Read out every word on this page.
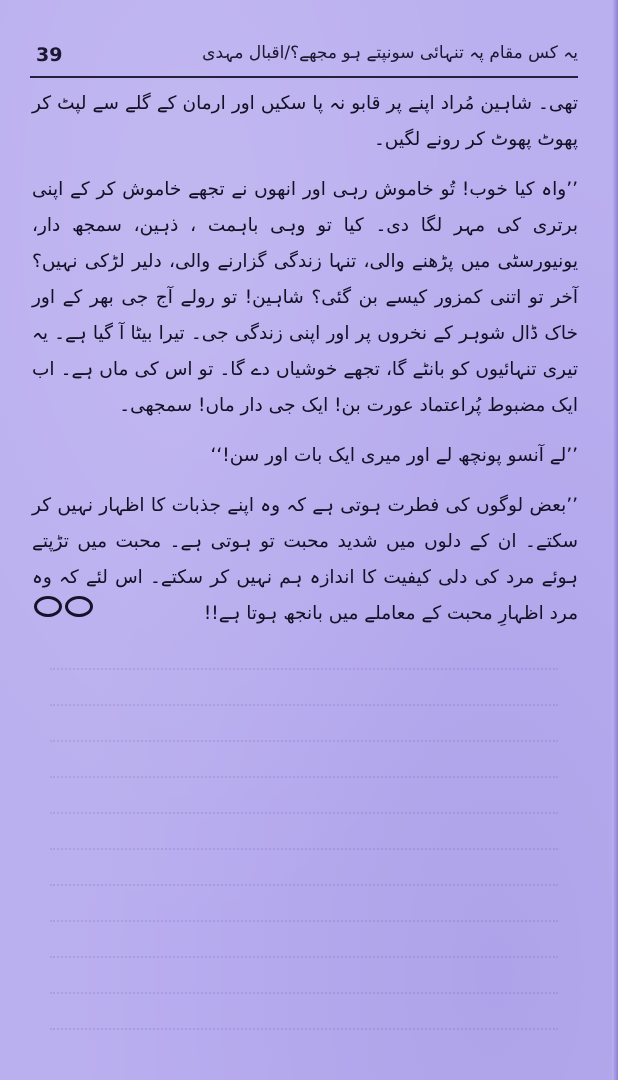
39	یہ کس مقام پہ تنہائی سونپتے ہو مجھے؟/اقبال مہدی

تھی۔ شاہین مُراد اپنے پر قابو نہ پا سکیں اور ارمان کے گلے سے لپٹ کر پھوٹ پھوٹ کر رونے لگیں۔

’’واہ کیا خوب! تُو خاموش رہی اور انھوں نے تجھے خاموش کر کے اپنی برتری کی مہر لگا دی۔ کیا تو وہی باہمت ، ذہین، سمجھ دار، یونیورسٹی میں پڑھنے والی، تنہا زندگی گزارنے والی، دلیر لڑکی نہیں؟ آخر تو اتنی کمزور کیسے بن گئی؟ شاہین! تو رولے آج جی بھر کے اور خاک ڈال شوہر کے نخروں پر اور اپنی زندگی جی۔ تیرا بیٹا آ گیا ہے۔ یہ تیری تنہائیوں کو بانٹے گا، تجھے خوشیاں دے گا۔ تو اس کی ماں ہے۔ اب ایک مضبوط پُراعتماد عورت بن! ایک جی دار ماں! سمجھی۔

’’لے آنسو پونچھ لے اور میری ایک بات اور سن!‘‘

’’بعض لوگوں کی فطرت ہوتی ہے کہ وہ اپنے جذبات کا اظہار نہیں کر سکتے۔ ان کے دلوں میں شدید محبت تو ہوتی ہے۔ محبت میں تڑپتے ہوئے مرد کی دلی کیفیت کا اندازہ ہم نہیں کر سکتے۔ اس لئے کہ وہ مرد اظہارِ محبت کے معاملے میں بانجھ ہوتا ہے!!
